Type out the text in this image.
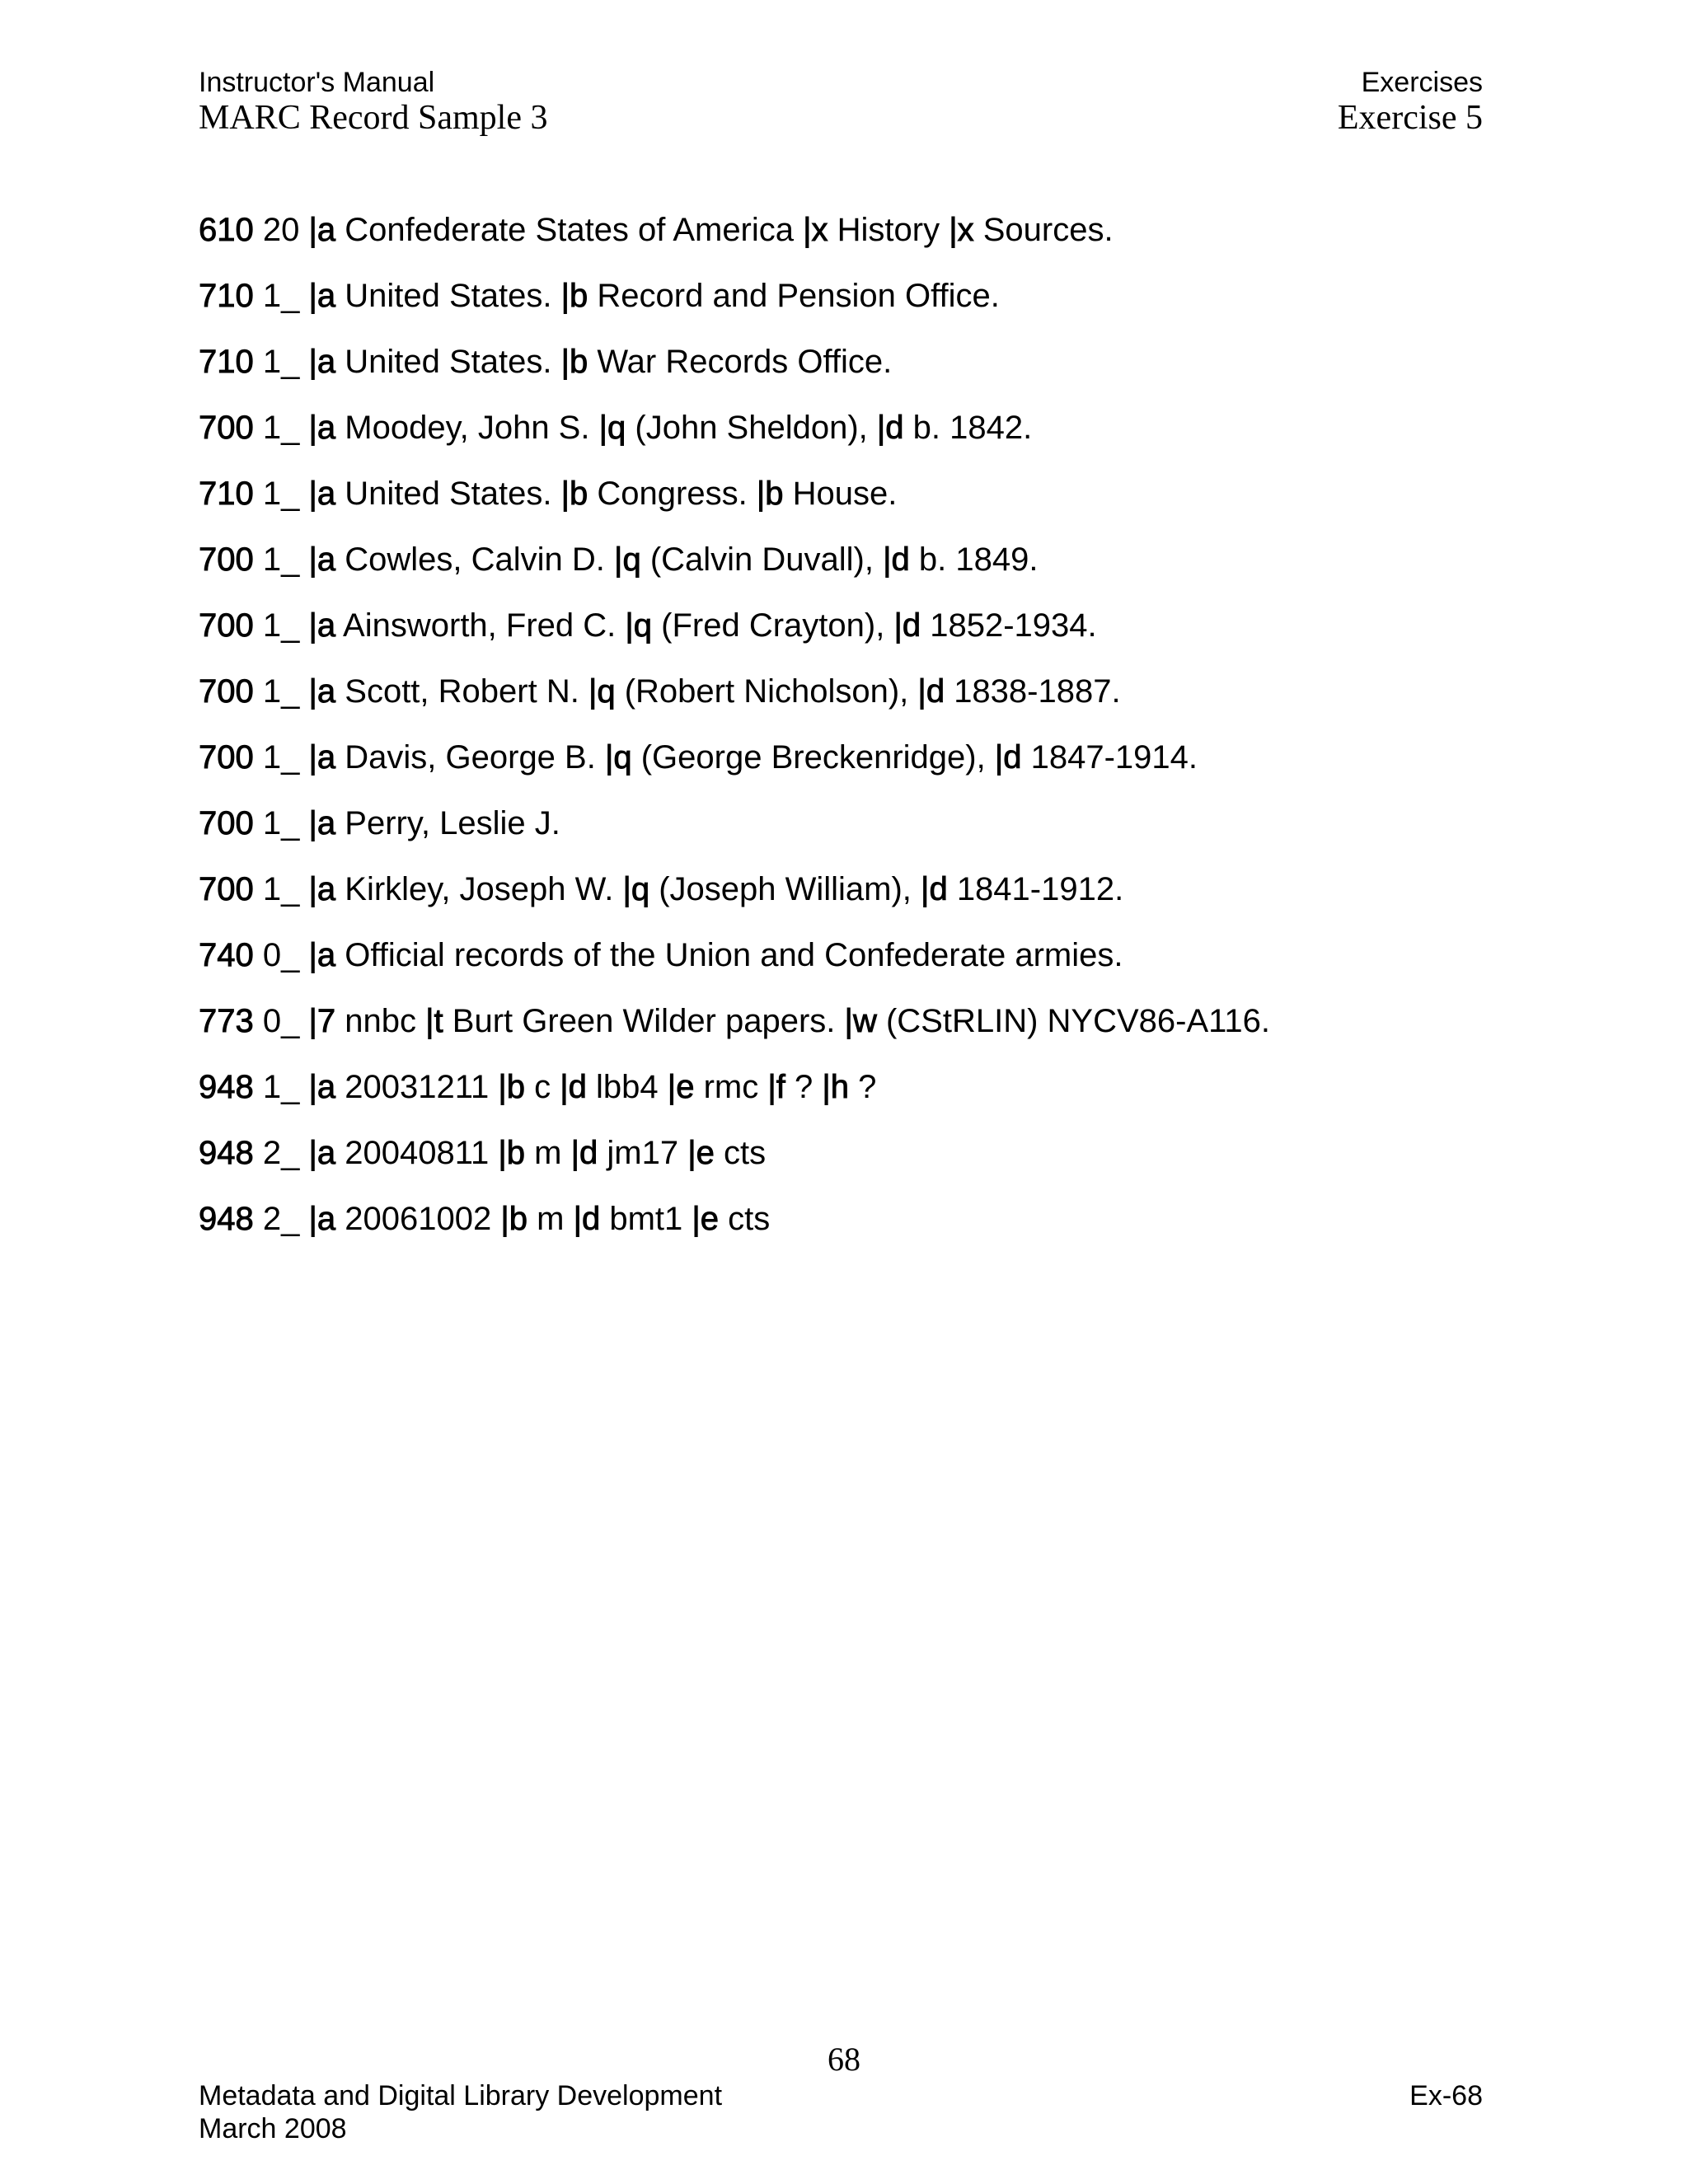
Instructor's Manual
MARC Record Sample 3
Exercises
Exercise 5
610 20 |a Confederate States of America |x History |x Sources.
710 1_ |a United States. |b Record and Pension Office.
710 1_ |a United States. |b War Records Office.
700 1_ |a Moodey, John S. |q (John Sheldon), |d b. 1842.
710 1_ |a United States. |b Congress. |b House.
700 1_ |a Cowles, Calvin D. |q (Calvin Duvall), |d b. 1849.
700 1_ |a Ainsworth, Fred C. |q (Fred Crayton), |d 1852-1934.
700 1_ |a Scott, Robert N. |q (Robert Nicholson), |d 1838-1887.
700 1_ |a Davis, George B. |q (George Breckenridge), |d 1847-1914.
700 1_ |a Perry, Leslie J.
700 1_ |a Kirkley, Joseph W. |q (Joseph William), |d 1841-1912.
740 0_ |a Official records of the Union and Confederate armies.
773 0_ |7 nnbc |t Burt Green Wilder papers. |w (CStRLIN) NYCV86-A116.
948 1_ |a 20031211 |b c |d lbb4 |e rmc |f ? |h ?
948 2_ |a 20040811 |b m |d jm17 |e cts
948 2_ |a 20061002 |b m |d bmt1 |e cts
68
Metadata and Digital Library Development
March 2008
Ex-68
